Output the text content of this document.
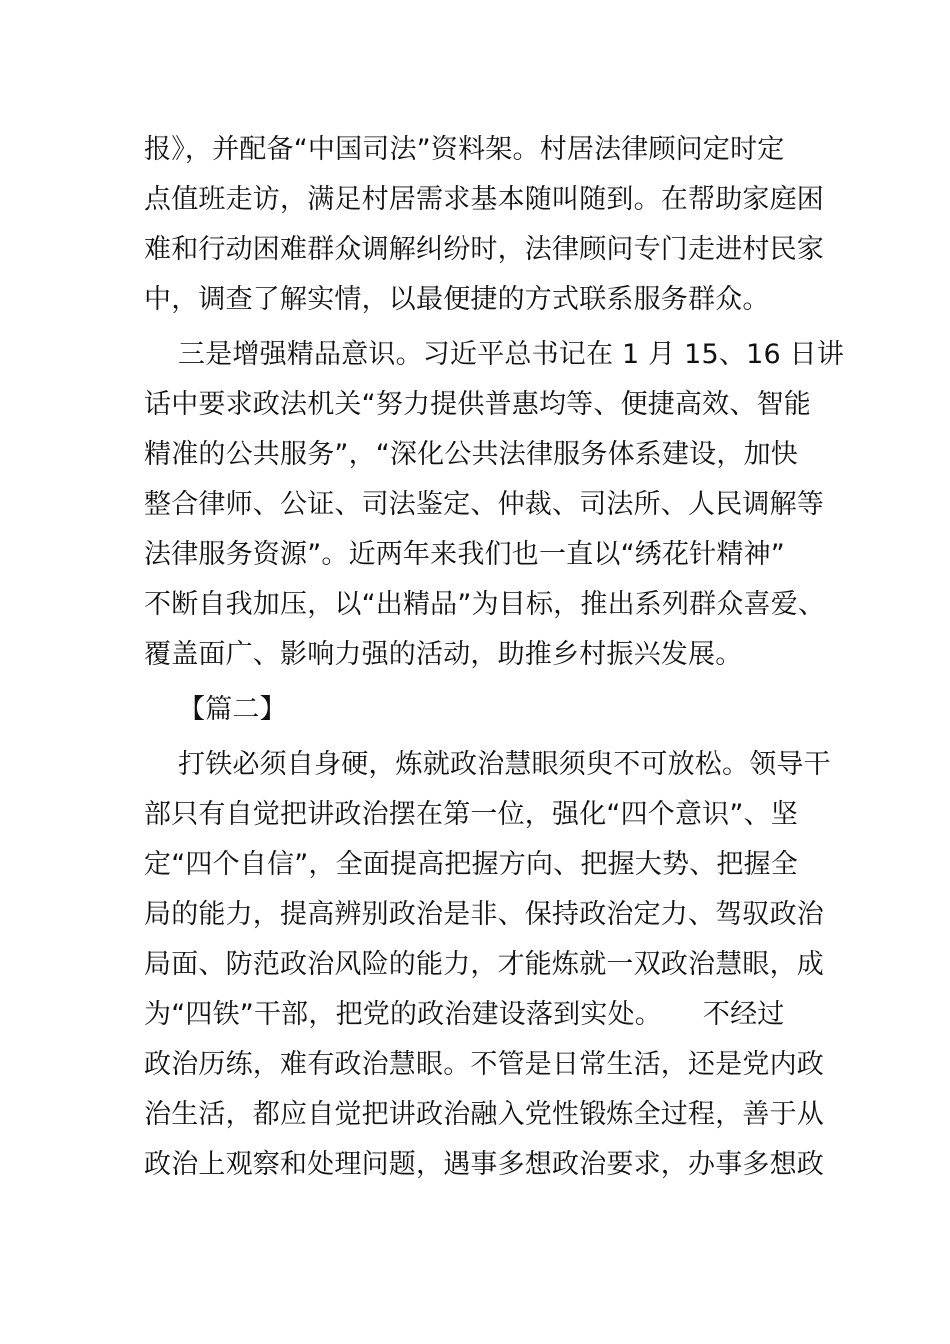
报》，并配备“中国司法”资料架。村居法律顾问定时定
点值班走访，满足村居需求基本随叫随到。在帮助家庭困
难和行动困难群众调解纠纷时，法律顾问专门走进村民家
中，调查了解实情，以最便捷的方式联系服务群众。
三是增强精品意识。习近平总书记在 1 月 15、16 日讲
话中要求政法机关“努力提供普惠均等、便捷高效、智能
精准的公共服务”，“深化公共法律服务体系建设，加快
整合律师、公证、司法鉴定、仲裁、司法所、人民调解等
法律服务资源”。近两年来我们也一直以“绣花针精神”
不断自我加压，以“出精品”为目标，推出系列群众喜爱、
覆盖面广、影响力强的活动，助推乡村振兴发展。
【篇二】
打铁必须自身硬，炼就政治慧眼须臾不可放松。领导干
部只有自觉把讲政治摆在第一位，强化“四个意识”、坚
定“四个自信”，全面提高把握方向、把握大势、把握全
局的能力，提高辨别政治是非、保持政治定力、驾驭政治
局面、防范政治风险的能力，才能炼就一双政治慧眼，成
为“四铁”干部，把党的政治建设落到实处。　　不经过
政治历练，难有政治慧眼。不管是日常生活，还是党内政
治生活，都应自觉把讲政治融入党性锻炼全过程，善于从
政治上观察和处理问题，遇事多想政治要求，办事多想政
